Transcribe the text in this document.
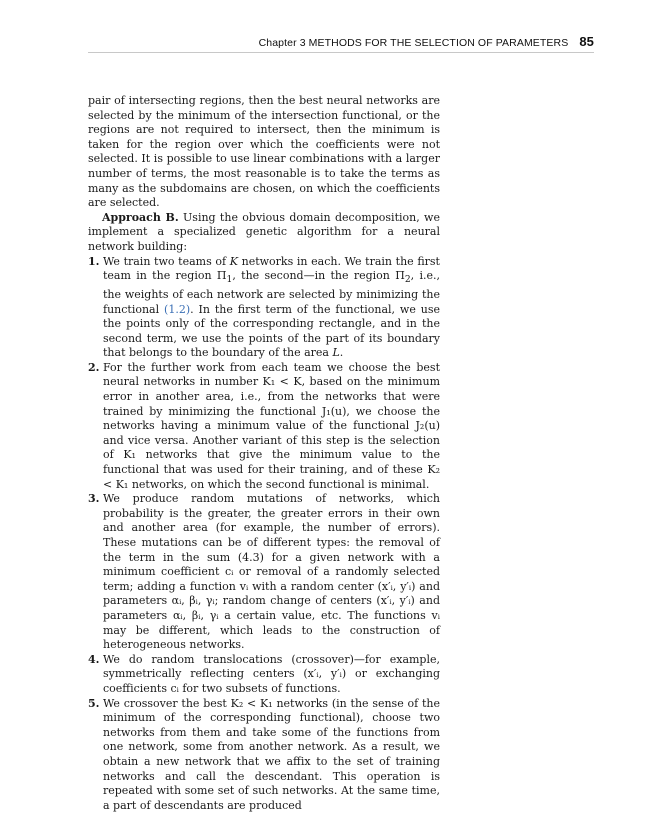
Chapter 3 METHODS FOR THE SELECTION OF PARAMETERS 85

pair of intersecting regions, then the best neural networks are selected by the minimum of the intersection functional, or the regions are not required to intersect, then the minimum is taken for the region over which the coefficients were not selected. It is possible to use linear combinations with a larger number of terms, the most reasonable is to take the terms as many as the subdomains are chosen, on which the coefficients are selected.

Approach B. Using the obvious domain decomposition, we implement a specialized genetic algorithm for a neural network building:

1. We train two teams of K networks in each. We train the first team in the region $\Pi_1$, the second—in the region $\Pi_2$, i.e., the weights of each network are selected by minimizing the functional (1.2). In the first term of the functional, we use the points only of the corresponding rectangle, and in the second term, we use the points of the part of its boundary that belongs to the boundary of the area L.
2. For the further work from each team we choose the best neural networks in number K₁ < K, based on the minimum error in another area, i.e., from the networks that were trained by minimizing the functional J₁(u), we choose the networks having a minimum value of the functional J₂(u) and vice versa. Another variant of this step is the selection of K₁ networks that give the minimum value to the functional that was used for their training, and of these K₂ < K₁ networks, on which the second functional is minimal.
3. We produce random mutations of networks, which probability is the greater, the greater errors in their own and another area (for example, the number of errors). These mutations can be of different types: the removal of the term in the sum (4.3) for a given network with a minimum coefficient cᵢ or removal of a randomly selected term; adding a function vᵢ with a random center (x′ᵢ, y′ᵢ) and parameters αᵢ, βᵢ, γᵢ; random change of centers (x′ᵢ, y′ᵢ) and parameters αᵢ, βᵢ, γᵢ a certain value, etc. The functions vᵢ may be different, which leads to the construction of heterogeneous networks.
4. We do random translocations (crossover)—for example, symmetrically reflecting centers (x′ᵢ, y′ᵢ) or exchanging coefficients cᵢ for two subsets of functions.
5. We crossover the best K₂ < K₁ networks (in the sense of the minimum of the corresponding functional), choose two networks from them and take some of the functions from one network, some from another network. As a result, we obtain a new network that we affix to the set of training networks and call the descendant. This operation is repeated with some set of such networks. At the same time, a part of descendants are produced
